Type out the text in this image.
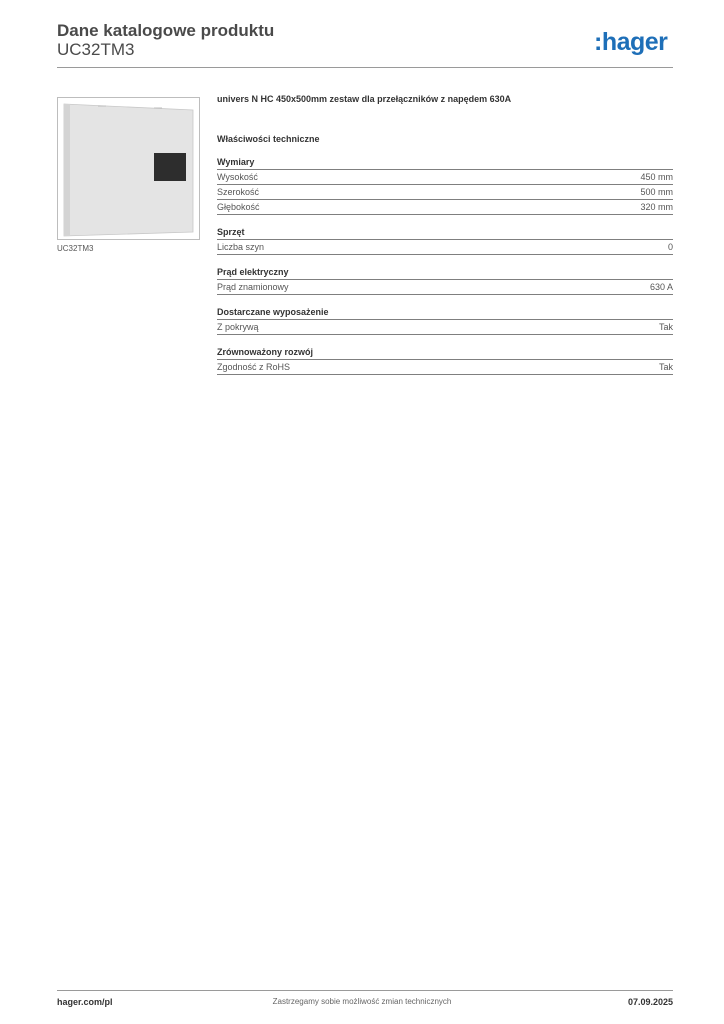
Dane katalogowe produktu
UC32TM3	:hager
UC32TM3
univers N HC 450x500mm zestaw dla przełączników z napędem 630A
Właściwości techniczne
Wymiary
Wysokość	450 mm
Szerokość	500 mm
Głębokość	320 mm
Sprzęt
Liczba szyn	0
Prąd elektryczny
Prąd znamionowy	630 A
Dostarczane wyposażenie
Z pokrywą	Tak
Zrównoważony rozwój
Zgodność z RoHS	Tak
hager.com/pl	Zastrzegamy sobie możliwość zmian technicznych	07.09.2025
